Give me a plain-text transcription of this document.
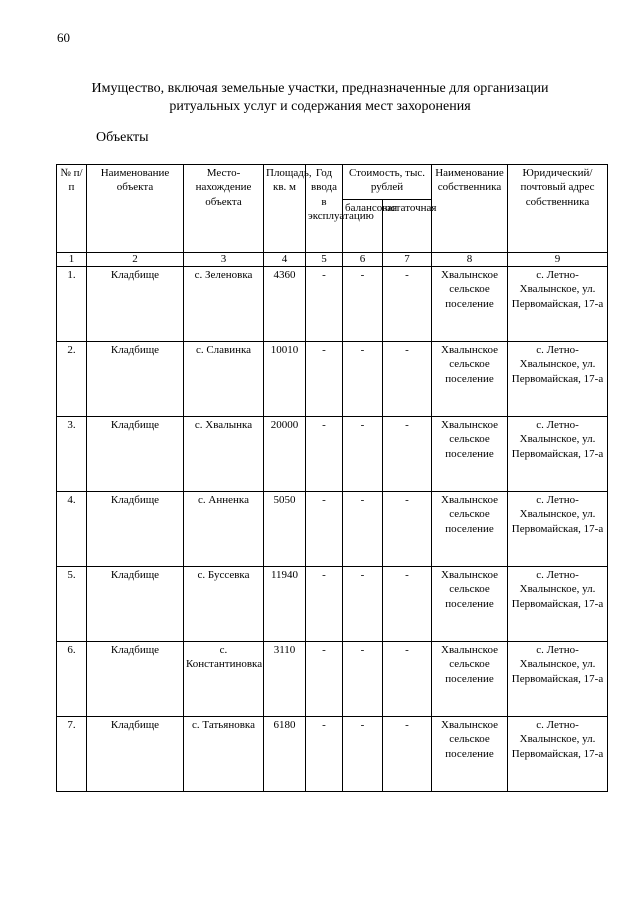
60
Имущество, включая земельные участки, предназначенные для организации
ритуальных услуг и содержания мест захоронения
Объекты
№ п/п	Наименование объекта	Место-нахождение объекта	Площадь, кв. м	Год ввода в эксплуатацию	Стоимость, тыс. рублей		Наименование собственника	Юридический/почтовый адрес собственника
					балансовая	остаточная		
1	2	3	4	5	6	7	8	9
1.	Кладбище	с. Зеленовка	4360	-	-	-	Хвалынское сельское поселение	с. Летно-Хвалынское, ул. Первомайская, 17-а
2.	Кладбище	с. Славинка	10010	-	-	-	Хвалынское сельское поселение	с. Летно-Хвалынское, ул. Первомайская, 17-а
3.	Кладбище	с. Хвалынка	20000	-	-	-	Хвалынское сельское поселение	с. Летно-Хвалынское, ул. Первомайская, 17-а
4.	Кладбище	с. Анненка	5050	-	-	-	Хвалынское сельское поселение	с. Летно-Хвалынское, ул. Первомайская, 17-а
5.	Кладбище	с. Буссевка	11940	-	-	-	Хвалынское сельское поселение	с. Летно-Хвалынское, ул. Первомайская, 17-а
6.	Кладбище	с. Константиновка	3110	-	-	-	Хвалынское сельское поселение	с. Летно-Хвалынское, ул. Первомайская, 17-а
7.	Кладбище	с. Татьяновка	6180	-	-	-	Хвалынское сельское поселение	с. Летно-Хвалынское, ул. Первомайская, 17-а
